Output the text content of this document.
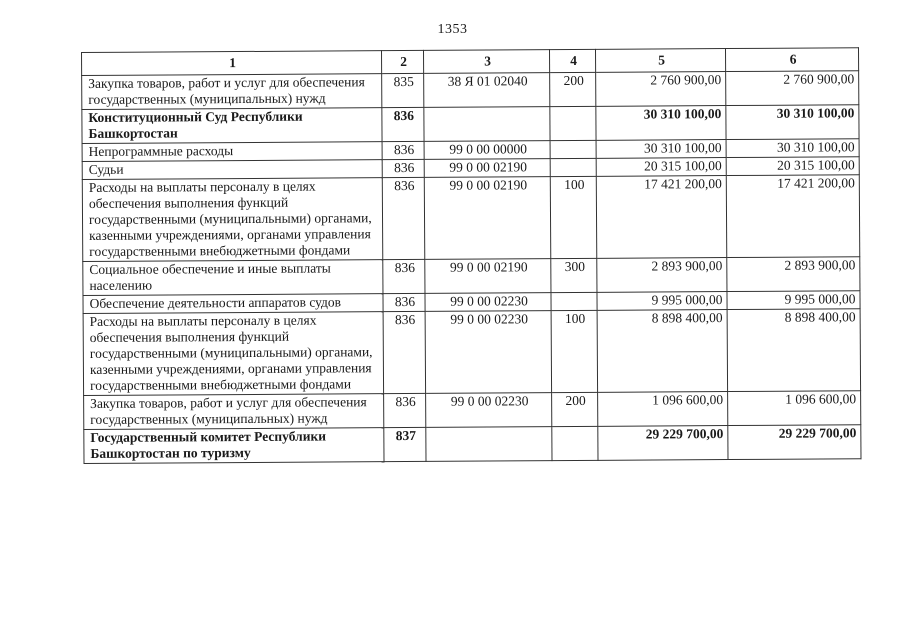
1353
1	2	3	4	5	6
Закупка товаров, работ и услуг для обеспечения государственных (муниципальных) нужд	835	38 Я 01 02040	200	2 760 900,00	2 760 900,00
Конституционный Суд Республики Башкортостан	836			30 310 100,00	30 310 100,00
Непрограммные расходы	836	99 0 00 00000		30 310 100,00	30 310 100,00
Судьи	836	99 0 00 02190		20 315 100,00	20 315 100,00
Расходы на выплаты персоналу в целях обеспечения выполнения функций государственными (муниципальными) органами, казенными учреждениями, органами управления государственными внебюджетными фондами	836	99 0 00 02190	100	17 421 200,00	17 421 200,00
Социальное обеспечение и иные выплаты населению	836	99 0 00 02190	300	2 893 900,00	2 893 900,00
Обеспечение деятельности аппаратов судов	836	99 0 00 02230		9 995 000,00	9 995 000,00
Расходы на выплаты персоналу в целях обеспечения выполнения функций государственными (муниципальными) органами, казенными учреждениями, органами управления государственными внебюджетными фондами	836	99 0 00 02230	100	8 898 400,00	8 898 400,00
Закупка товаров, работ и услуг для обеспечения государственных (муниципальных) нужд	836	99 0 00 02230	200	1 096 600,00	1 096 600,00
Государственный комитет Республики Башкортостан по туризму	837			29 229 700,00	29 229 700,00
